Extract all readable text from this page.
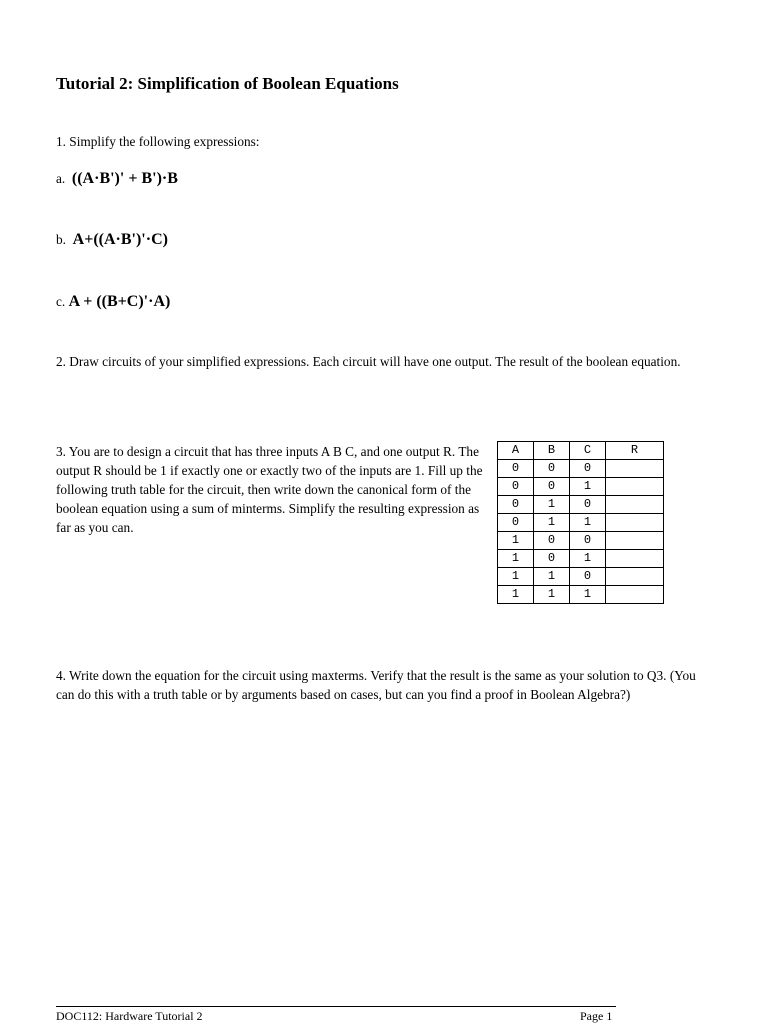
Tutorial 2: Simplification of Boolean Equations
1. Simplify the following expressions:
a. ((A·B')' + B')·B
b. A+((A·B')'·C)
c. A + ((B+C)'·A)
2. Draw circuits of your simplified expressions. Each circuit will have one output. The result of the boolean equation.
3. You are to design a circuit that has three inputs A B C, and one output R. The output R should be 1 if exactly one or exactly two of the inputs are 1. Fill up the following truth table for the circuit, then write down the canonical form of the boolean equation using a sum of minterms. Simplify the resulting expression as far as you can.
A	B	C	R
0	0	0	
0	0	1	
0	1	0	
0	1	1	
1	0	0	
1	0	1	
1	1	0	
1	1	1	
4. Write down the equation for the circuit using maxterms. Verify that the result is the same as your solution to Q3. (You can do this with a truth table or by arguments based on cases, but can you find a proof in Boolean Algebra?)
DOC112: Hardware Tutorial 2	Page 1
